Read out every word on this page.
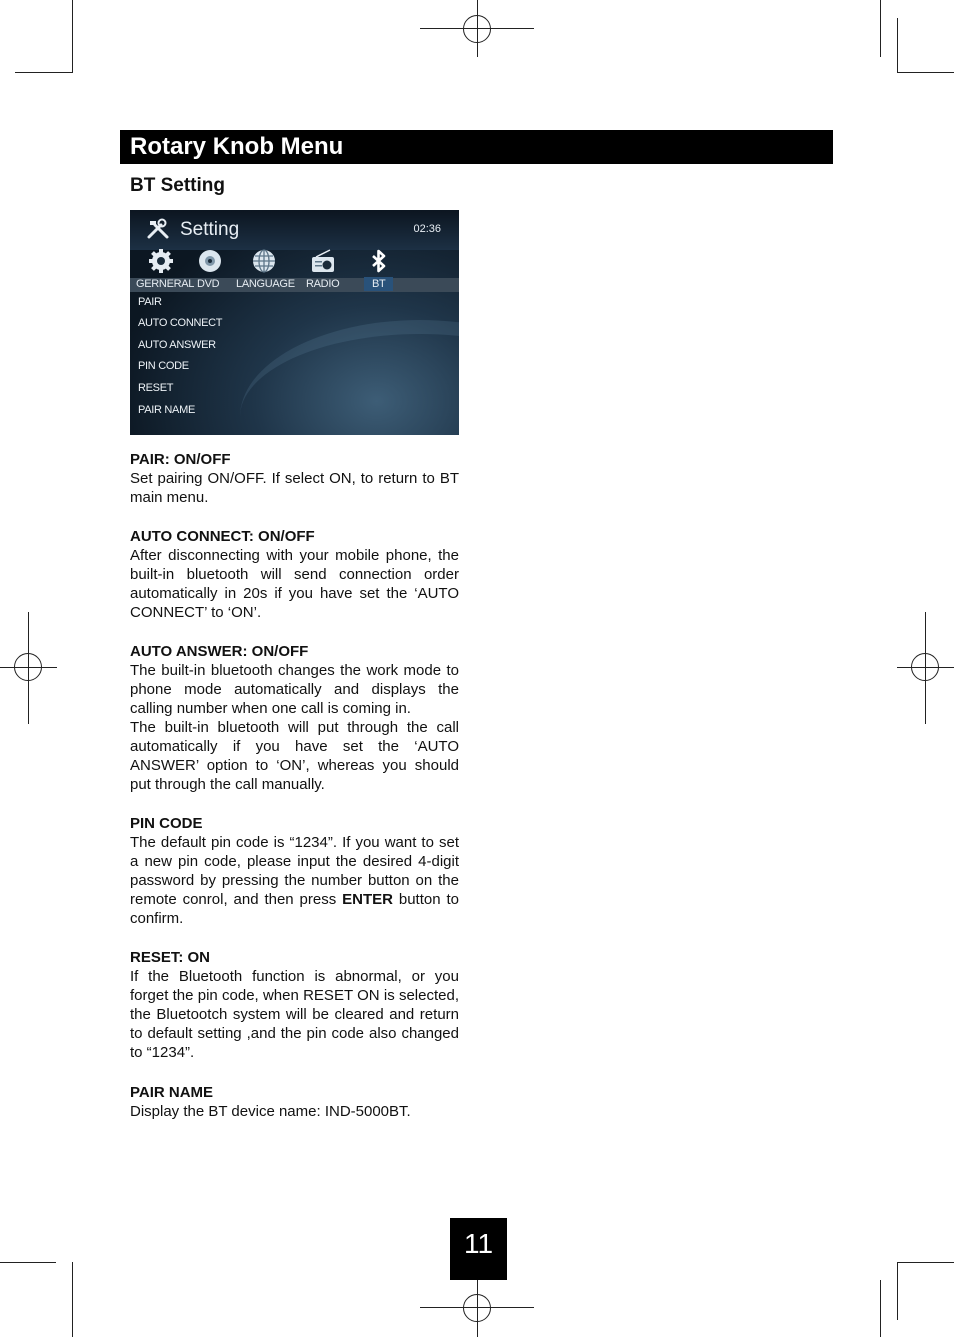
Rotary Knob Menu
BT Setting
Setting	02:36
GERNERAL DVD LANGUAGE RADIO	BT
PAIR
AUTO CONNECT
AUTO ANSWER
PIN CODE
RESET
PAIR NAME
PAIR: ON/OFF
Set pairing ON/OFF. If select ON, to return to BT main menu.
AUTO CONNECT: ON/OFF
After disconnecting with your mobile phone, the built-in bluetooth will send connection order automatically in 20s if you have set the ‘AUTO CONNECT’ to ‘ON’.
AUTO ANSWER: ON/OFF
The built-in bluetooth changes the work mode to phone mode automatically and displays the calling number when one call is coming in.
The built-in bluetooth will put through the call automatically if you have set the ‘AUTO ANSWER’ option to ‘ON’, whereas you should put through the call manually.
PIN CODE
The default pin code is “1234”. If you want to set a new pin code, please input the desired 4-digit password by pressing the number button on the remote conrol, and then press ENTER button to confirm.
RESET: ON
If the Bluetooth function is abnormal, or you forget the pin code, when RESET ON is selected, the Bluetootch system will be cleared and return to default setting ,and the pin code also changed to “1234”.
PAIR NAME
Display the BT device name: IND-5000BT.
11
